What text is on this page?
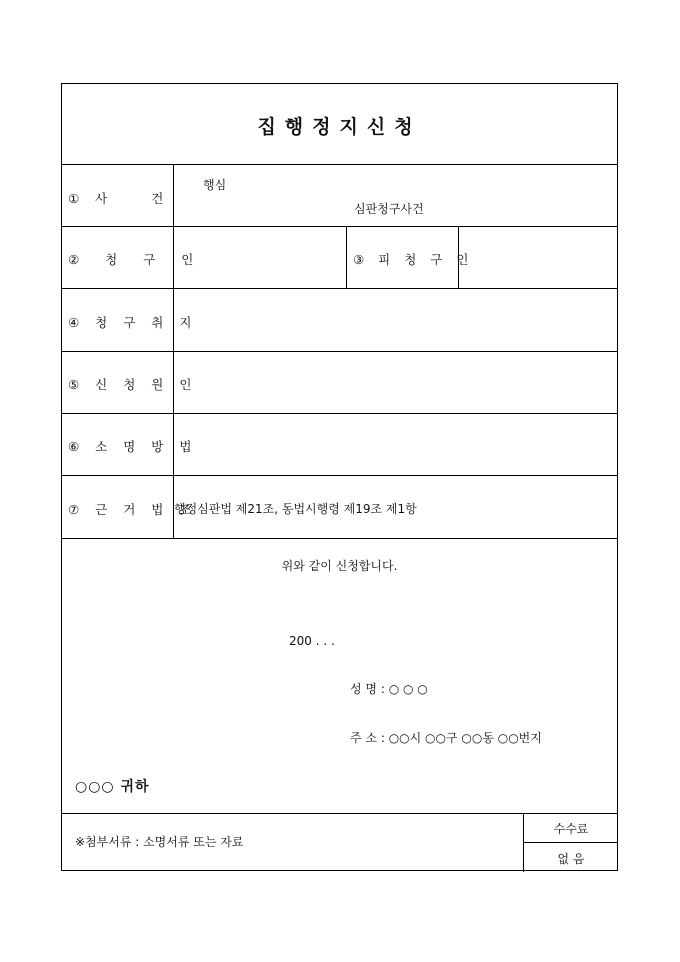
집행정지신청
① 사	건
행심
심판청구사건
② 청 구 인	③ 피 청 구 인
④ 청 구 취 지
⑤ 신 청 원 인
⑥ 소 명 방 법
⑦ 근 거 법 조
행정심판법 제21조, 동법시행령 제19조 제1항
위와 같이 신청합니다.
200 . . .
성 명 : ○ ○ ○
주 소 : ○○시 ○○구 ○○동 ○○번지
○○○ 귀하
※첨부서류 : 소명서류 또는 자료
수수료
없 음
